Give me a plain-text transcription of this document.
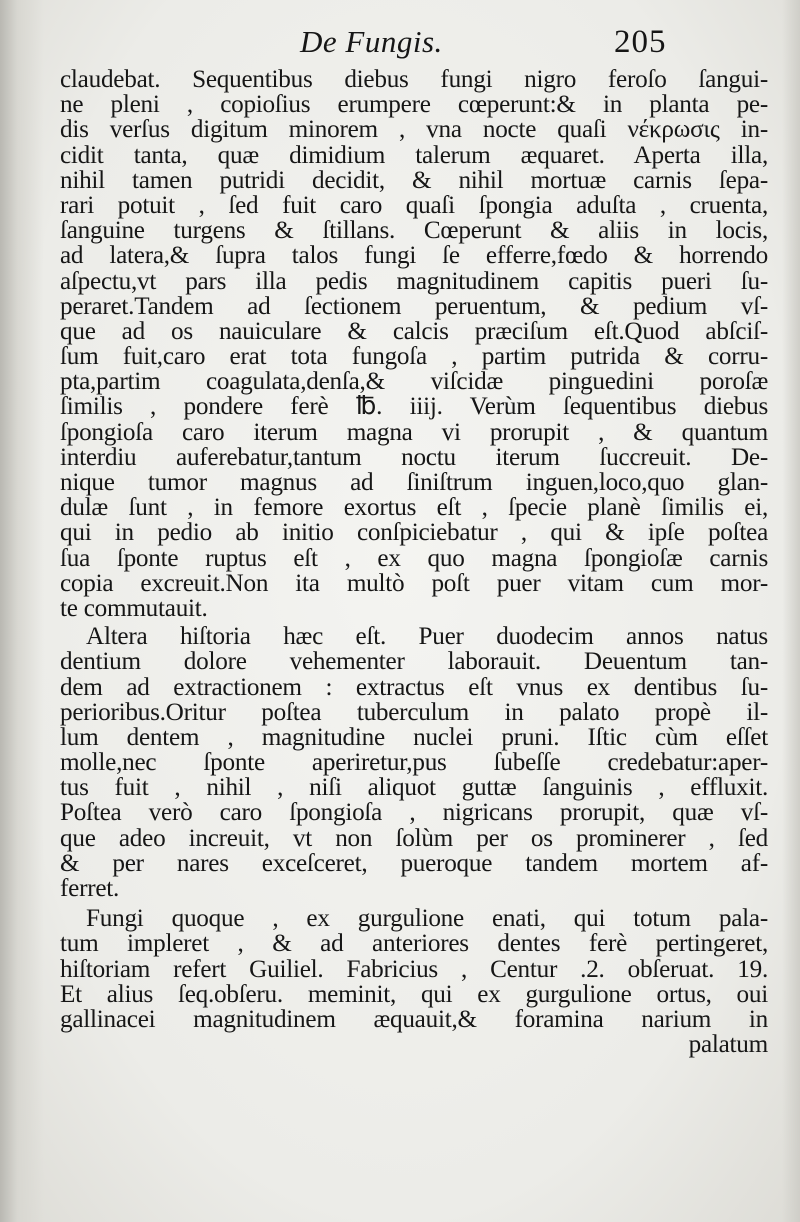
De Fungis.	205
claudebat. Sequentibus diebus fungi nigro feroſo ſangui-
ne pleni , copioſius erumpere cœperunt:& in planta pe-
dis verſus digitum minorem , vna nocte quaſi νέκρωσις in-
cidit tanta, quæ dimidium talerum æquaret. Aperta illa,
nihil tamen putridi decidit, & nihil mortuæ carnis ſepa-
rari potuit , ſed fuit caro quaſi ſpongia aduſta , cruenta,
ſanguine turgens & ſtillans. Cœperunt & aliis in locis,
ad latera,& ſupra talos fungi ſe efferre,fœdo & horrendo
aſpectu,vt pars illa pedis magnitudinem capitis pueri ſu-
peraret.Tandem ad ſectionem peruentum, & pedium vſ-
que ad os nauiculare & calcis præciſum eſt.Quod abſciſ-
ſum fuit,caro erat tota fungoſa , partim putrida & corru-
pta,partim coagulata,denſa,& viſcidæ pinguedini poroſæ
ſimilis , pondere ferè ℔. iiij. Verùm ſequentibus diebus
ſpongioſa caro iterum magna vi prorupit , & quantum
interdiu auferebatur,tantum noctu iterum ſuccreuit. De-
nique tumor magnus ad ſiniſtrum inguen,loco,quo glan-
dulæ ſunt , in femore exortus eſt , ſpecie planè ſimilis ei,
qui in pedio ab initio conſpiciebatur , qui & ipſe poſtea
ſua ſponte ruptus eſt , ex quo magna ſpongioſæ carnis
copia excreuit.Non ita multò poſt puer vitam cum mor-
te commutauit.
Altera hiſtoria hæc eſt. Puer duodecim annos natus
dentium dolore vehementer laborauit. Deuentum tan-
dem ad extractionem : extractus eſt vnus ex dentibus ſu-
perioribus.Oritur poſtea tuberculum in palato propè il-
lum dentem , magnitudine nuclei pruni. Iſtic cùm eſſet
molle,nec ſponte aperiretur,pus ſubeſſe credebatur:aper-
tus fuit , nihil , niſi aliquot guttæ ſanguinis , effluxit.
Poſtea verò caro ſpongioſa , nigricans prorupit, quæ vſ-
que adeo increuit, vt non ſolùm per os prominerer , ſed
& per nares exceſceret, pueroque tandem mortem af-
ferret.
Fungi quoque , ex gurgulione enati, qui totum pala-
tum impleret , & ad anteriores dentes ferè pertingeret,
hiſtoriam refert Guiliel. Fabricius , Centur .2. obſeruat. 19.
Et alius ſeq.obſeru. meminit, qui ex gurgulione ortus, oui
gallinacei magnitudinem æquauit,& foramina narium in
palatum
